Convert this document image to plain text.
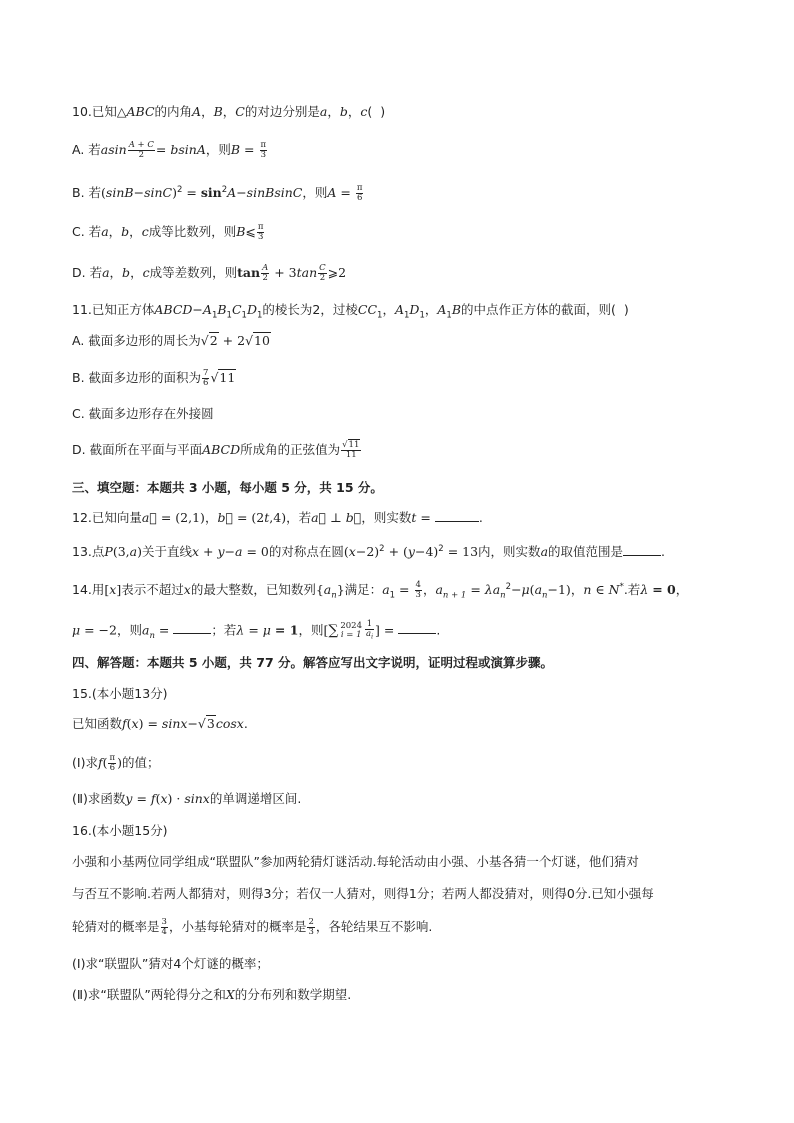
10.已知△ABC的内角A，B，C的对边分别是a，b，c(  )
A. 若asin $\frac{A + C}{2} = bsinA$，则$B = \frac{\pi}{3}$
B. 若$(\sin B-\sin C)^2$ = $\sin^2A-sinBsinC$，则$A = \frac{\pi}{6}$
C. 若a，b，c成等比数列，则B⩽ $\frac{\pi}{3}$
D. 若a，b，c成等差数列，则$\tan \frac{A}{2} + 3\tan \frac{C}{2}$ ⩾2
11.已知正方体$ABCD-A_1B_1C_1D_1$的棱长为2，过棱$CC_1$，$A_1D_1$，$A_1B$的中点作正方体的截面，则(  )
A. 截面多边形的周长为√2 + 2√10
B. 截面多边形的面积为 $\frac{7}{6} √11$
C. 截面多边形存在外接圆
D. 截面所在平面与平面ABCD所成角的正弦值为 $\frac{√11}{11}$
三、填空题：本题共 3 小题，每小题 5 分，共 15 分。
12.已知向量a⃗ = (2,1)，b⃗ = (2t,4)，若a⃗ ⊥ b⃗，则实数t =	.
13.点P(3,a)关于直线x + y−a = 0的对称点在圆$(x-2)^2 + (y-4)^2 = 13$内，则实数a的取值范围是	.
14.用[x]表示不超过x的最大整数，已知数列$\{a_n\}$满足：$a_1 = \frac{4}{3}$ ，$a_{n + 1} = \lambda a_n^2-\mu(a_n-1)$，n ∈ N*.若λ = 0，
μ = −2，则$a_n$ =	；若λ = μ = 1，则[∑ 2024
$i = 1 \frac{1}{a_i}$ ] =	.
四、解答题：本题共 5 小题，共 77 分。解答应写出文字说明，证明过程或演算步骤。
15.(本小题13分)
已知函数f(x) = sinx−√3cosx.
(Ⅰ)求$f( \frac{\pi}{6}$ )的值；
(Ⅱ)求函数y = f(x) · sinx的单调递增区间.
16.(本小题15分)
小强和小基两位同学组成“联盟队”参加两轮猜灯谜活动.每轮活动由小强、小基各猜一个灯谜，他们猜对
与否互不影响.若两人都猜对，则得3分；若仅一人猜对，则得1分；若两人都没猜对，则得0分.已知小强每
轮猜对的概率是 $\frac{3}{4}$ ，小基每轮猜对的概率是 $\frac{2}{3}$ ，各轮结果互不影响.
(Ⅰ)求“联盟队”猜对4个灯谜的概率；
(Ⅱ)求“联盟队”两轮得分之和X的分布列和数学期望.
